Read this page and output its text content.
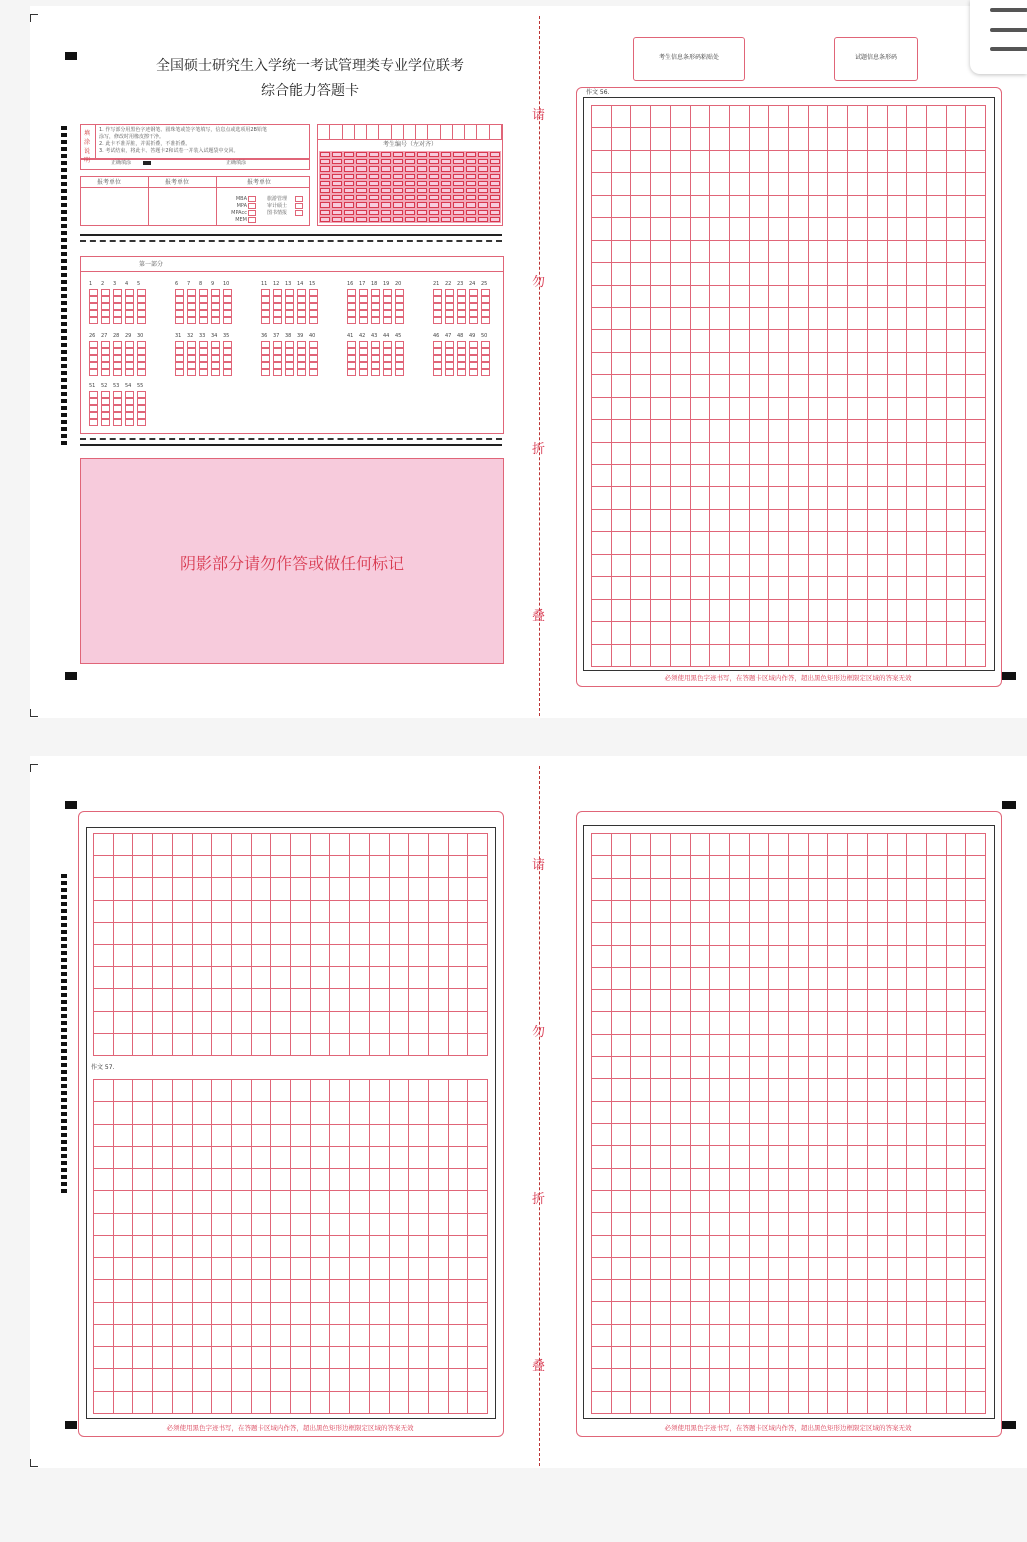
全国硕士研究生入学统一考试管理类专业学位联考
综合能力答题卡
填涂说明
1. 作写部分用黑色字迹钢笔、圆珠笔或签字笔填写，信息点或选项用2B铅笔
涂写，修改时用橡皮擦干净。
2. 此卡不准弄脏，并需折叠，不准折叠。
3. 考试结束，将此卡、答题卡2和试卷一并装入试题袋中交回。
正确填涂	正确填涂
报考单位	报考单位	报考单位
MBA
MPA
MPAcc
MEM
旅游管理
审计硕士
图书情报
考生编号（左对齐）
第一部分
1 2 3 4 5	6 7 8 9 10	11 12 13 14 15	16 17 18 19 20	21 22 23 24 25
26 27 28 29 30	31 32 33 34 35	36 37 38 39 40	41 42 43 44 45	46 47 48 49 50
51 52 53 54 55
阴影部分请勿作答或做任何标记
请
勿
折
叠
考生信息条形码粘贴处	试题信息条形码
作文 56.
必须使用黑色字迹书写，在答题卡区域内作答，超出黑色矩形边框限定区域的答案无效
作文 57.
必须使用黑色字迹书写，在答题卡区域内作答，超出黑色矩形边框限定区域的答案无效
请
勿
折
叠
必须使用黑色字迹书写，在答题卡区域内作答，超出黑色矩形边框限定区域的答案无效
